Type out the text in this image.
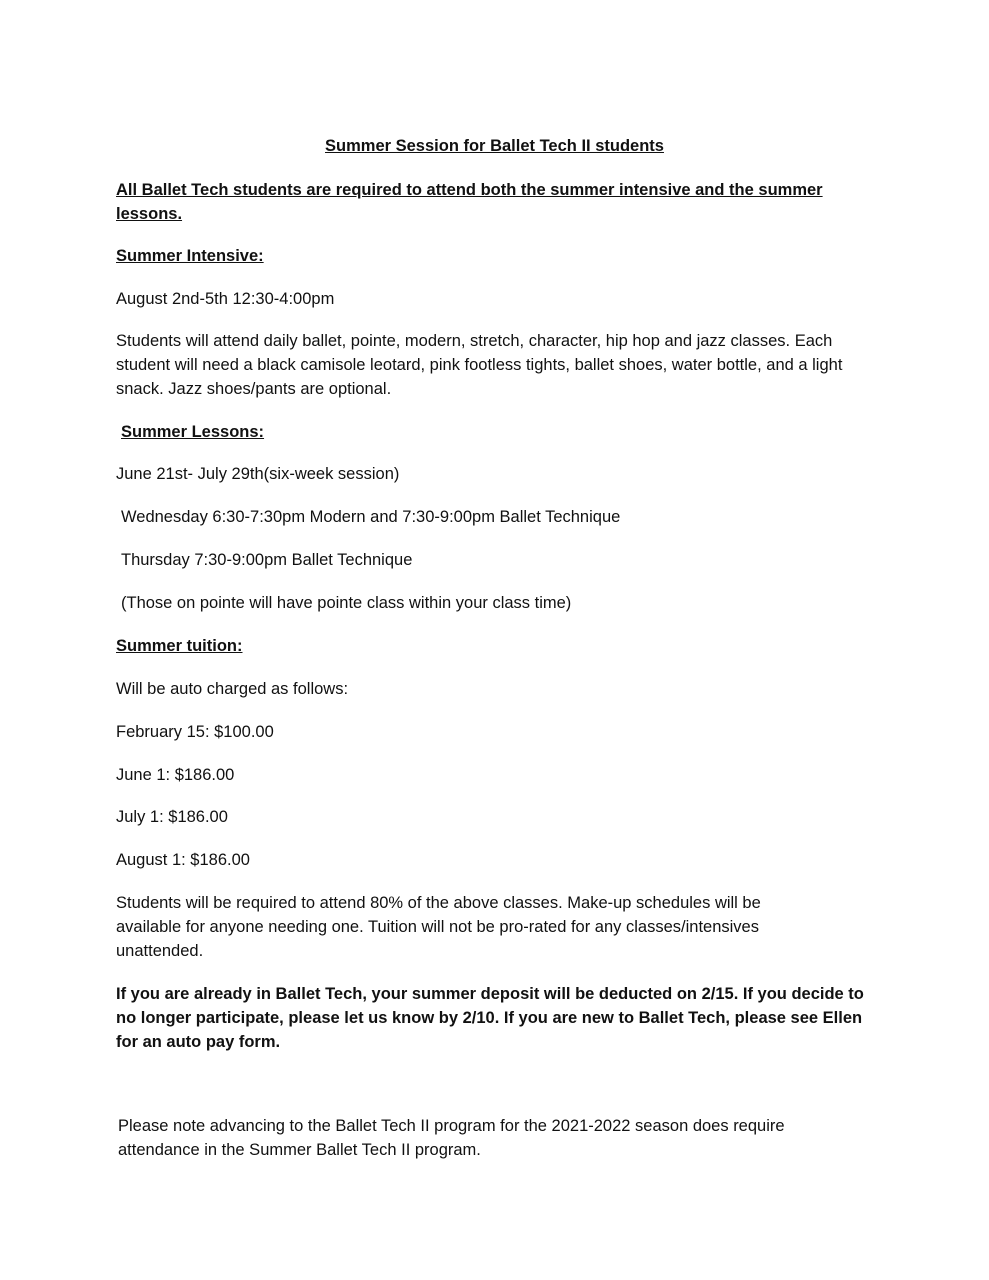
Summer Session for Ballet Tech II students

All Ballet Tech students are required to attend both the summer intensive and the summer lessons.

Summer Intensive:

August 2nd-5th 12:30-4:00pm

Students will attend daily ballet, pointe, modern, stretch, character, hip hop and jazz classes. Each student will need a black camisole leotard, pink footless tights, ballet shoes, water bottle, and a light snack. Jazz shoes/pants are optional.

Summer Lessons:

June 21st- July 29th(six-week session)

Wednesday 6:30-7:30pm Modern and 7:30-9:00pm Ballet Technique

Thursday 7:30-9:00pm Ballet Technique

(Those on pointe will have pointe class within your class time)

Summer tuition:

Will be auto charged as follows:

February 15: $100.00

June 1: $186.00

July 1: $186.00

August 1: $186.00

Students will be required to attend 80% of the above classes. Make-up schedules will be available for anyone needing one. Tuition will not be pro-rated for any classes/intensives unattended.

If you are already in Ballet Tech, your summer deposit will be deducted on 2/15. If you decide to no longer participate, please let us know by 2/10. If you are new to Ballet Tech, please see Ellen for an auto pay form.

Please note advancing to the Ballet Tech II program for the 2021-2022 season does require attendance in the Summer Ballet Tech II program.
